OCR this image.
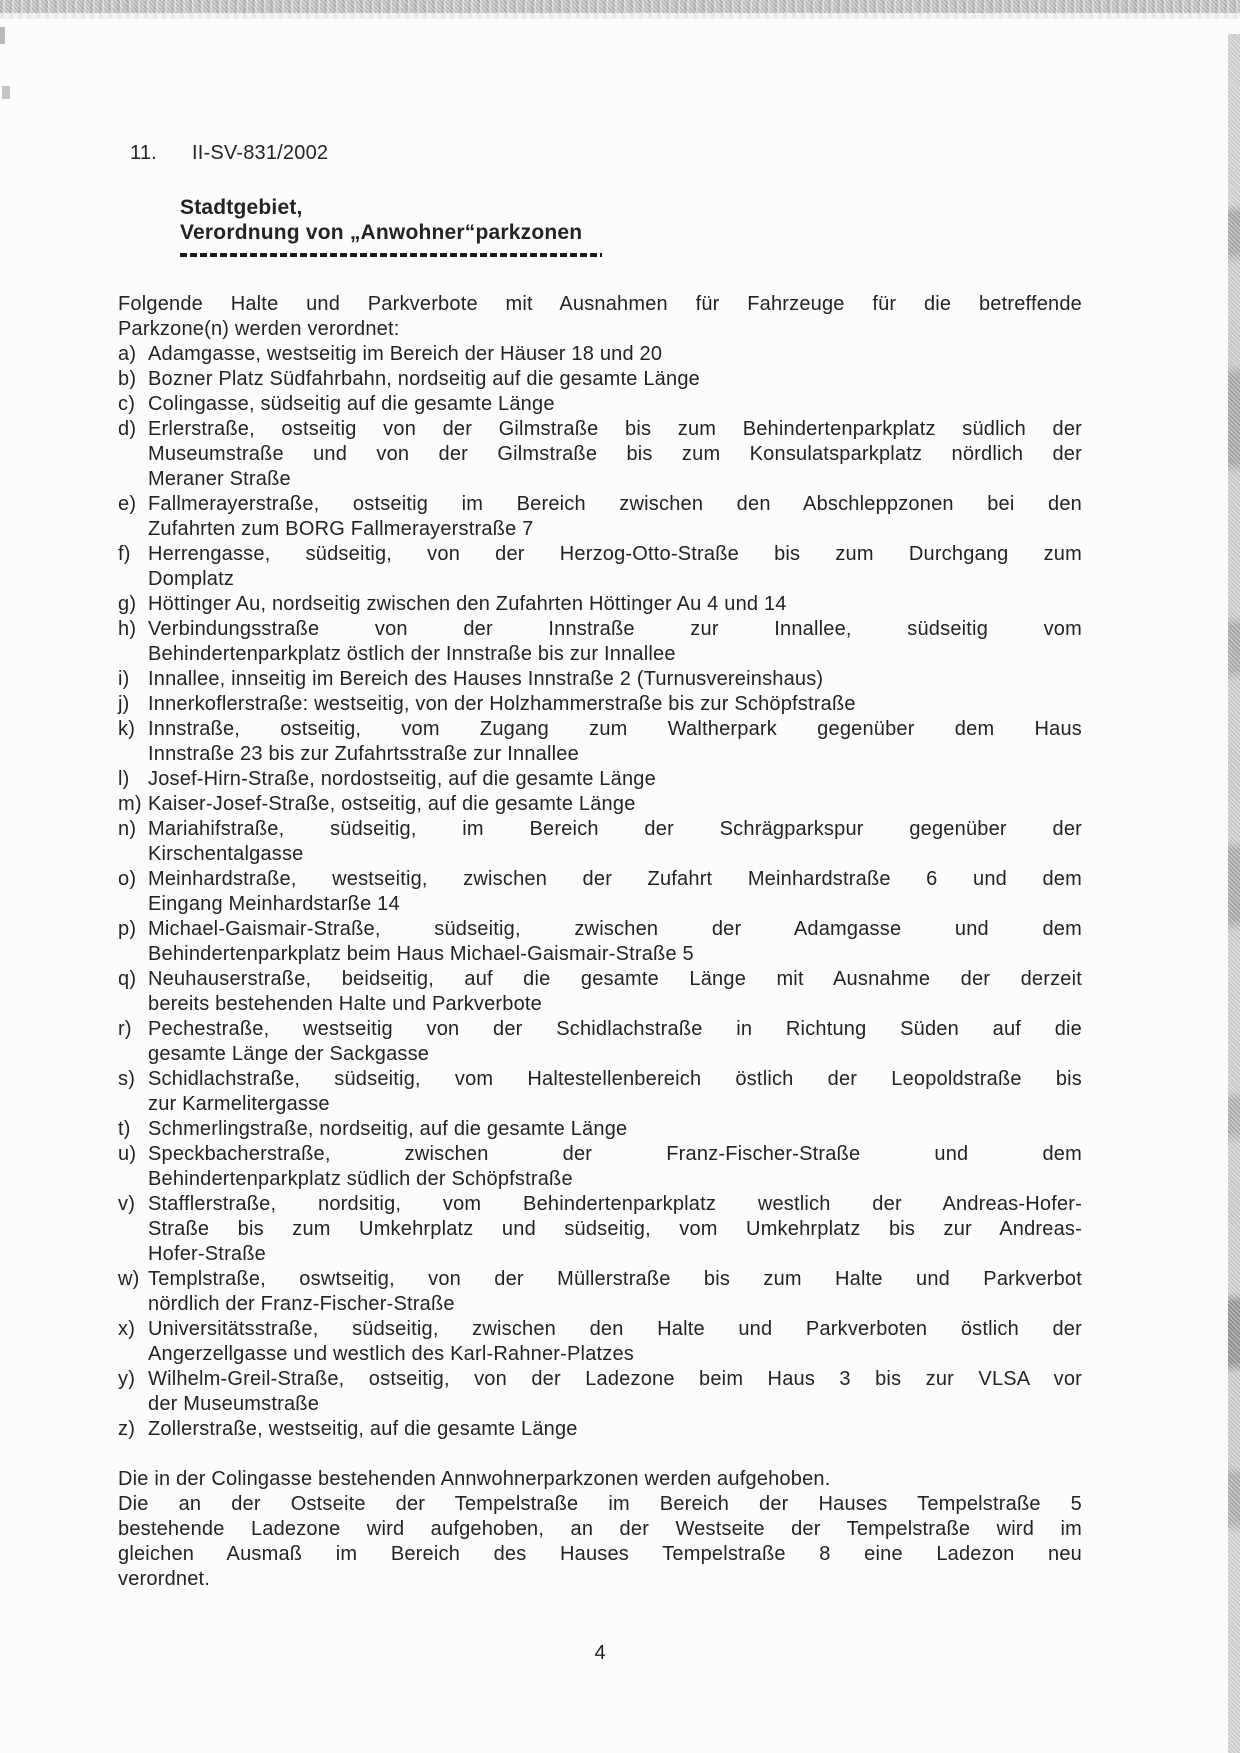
11. II-SV-831/2002
Stadtgebiet,
Verordnung von „Anwohner“parkzonen
Folgende Halte und Parkverbote mit Ausnahmen für Fahrzeuge für die betreffende
Parkzone(n) werden verordnet:
a) Adamgasse, westseitig im Bereich der Häuser 18 und 20
b) Bozner Platz Südfahrbahn, nordseitig auf die gesamte Länge
c) Colingasse, südseitig auf die gesamte Länge
d) Erlerstraße, ostseitig von der Gilmstraße bis zum Behindertenparkplatz südlich der
Museumstraße und von der Gilmstraße bis zum Konsulatsparkplatz nördlich der
Meraner Straße
e) Fallmerayerstraße, ostseitig im Bereich zwischen den Abschleppzonen bei den
Zufahrten zum BORG Fallmerayerstraße 7
f) Herrengasse, südseitig, von der Herzog-Otto-Straße bis zum Durchgang zum
Domplatz
g) Höttinger Au, nordseitig zwischen den Zufahrten Höttinger Au 4 und 14
h) Verbindungsstraße von der Innstraße zur Innallee, südseitig vom
Behindertenparkplatz östlich der Innstraße bis zur Innallee
i) Innallee, innseitig im Bereich des Hauses Innstraße 2 (Turnusvereinshaus)
j) Innerkoflerstraße: westseitig, von der Holzhammerstraße bis zur Schöpfstraße
k) Innstraße, ostseitig, vom Zugang zum Waltherpark gegenüber dem Haus
Innstraße 23 bis zur Zufahrtsstraße zur Innallee
l) Josef-Hirn-Straße, nordostseitig, auf die gesamte Länge
m) Kaiser-Josef-Straße, ostseitig, auf die gesamte Länge
n) Mariahifstraße, südseitig, im Bereich der Schrägparkspur gegenüber der
Kirschentalgasse
o) Meinhardstraße, westseitig, zwischen der Zufahrt Meinhardstraße 6 und dem
Eingang Meinhardstarße 14
p) Michael-Gaismair-Straße, südseitig, zwischen der Adamgasse und dem
Behindertenparkplatz beim Haus Michael-Gaismair-Straße 5
q) Neuhauserstraße, beidseitig, auf die gesamte Länge mit Ausnahme der derzeit
bereits bestehenden Halte und Parkverbote
r) Pechestraße, westseitig von der Schidlachstraße in Richtung Süden auf die
gesamte Länge der Sackgasse
s) Schidlachstraße, südseitig, vom Haltestellenbereich östlich der Leopoldstraße bis
zur Karmelitergasse
t) Schmerlingstraße, nordseitig, auf die gesamte Länge
u) Speckbacherstraße, zwischen der Franz-Fischer-Straße und dem
Behindertenparkplatz südlich der Schöpfstraße
v) Stafflerstraße, nordsitig, vom Behindertenparkplatz westlich der Andreas-Hofer-
Straße bis zum Umkehrplatz und südseitig, vom Umkehrplatz bis zur Andreas-
Hofer-Straße
w) Templstraße, oswtseitig, von der Müllerstraße bis zum Halte und Parkverbot
nördlich der Franz-Fischer-Straße
x) Universitätsstraße, südseitig, zwischen den Halte und Parkverboten östlich der
Angerzellgasse und westlich des Karl-Rahner-Platzes
y) Wilhelm-Greil-Straße, ostseitig, von der Ladezone beim Haus 3 bis zur VLSA vor
der Museumstraße
z) Zollerstraße, westseitig, auf die gesamte Länge
Die in der Colingasse bestehenden Annwohnerparkzonen werden aufgehoben.
Die an der Ostseite der Tempelstraße im Bereich der Hauses Tempelstraße 5
bestehende Ladezone wird aufgehoben, an der Westseite der Tempelstraße wird im
gleichen Ausmaß im Bereich des Hauses Tempelstraße 8 eine Ladezon neu
verordnet.
4
